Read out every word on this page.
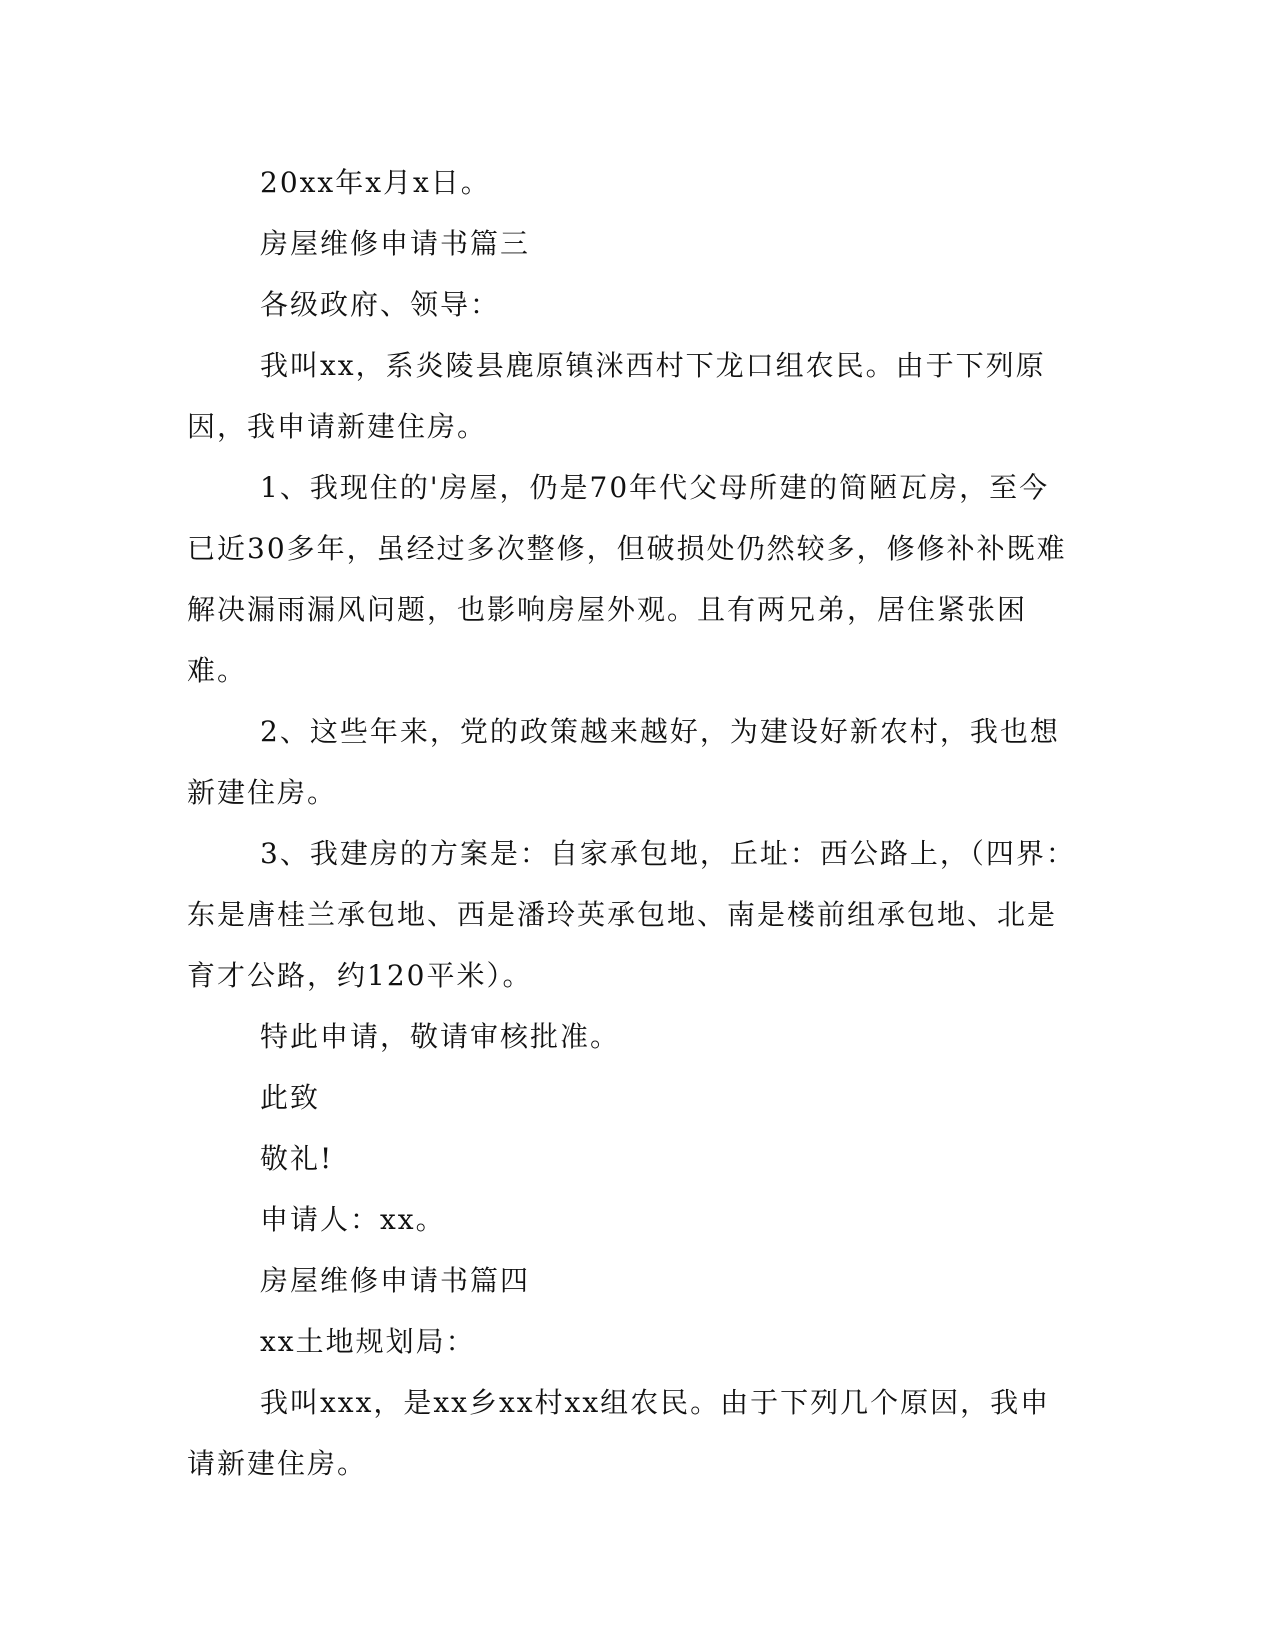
20xx年x月x日。

房屋维修申请书篇三

各级政府、领导：

我叫xx，系炎陵县鹿原镇洣西村下龙口组农民。由于下列原因，我申请新建住房。

1、我现住的'房屋，仍是70年代父母所建的简陋瓦房，至今已近30多年，虽经过多次整修，但破损处仍然较多，修修补补既难解决漏雨漏风问题，也影响房屋外观。且有两兄弟，居住紧张困难。

2、这些年来，党的政策越来越好，为建设好新农村，我也想新建住房。

3、我建房的方案是：自家承包地，丘址：西公路上，（四界：东是唐桂兰承包地、西是潘玲英承包地、南是楼前组承包地、北是育才公路，约120平米）。

特此申请，敬请审核批准。

此致

敬礼!

申请人：xx。

房屋维修申请书篇四

xx土地规划局：

我叫xxx，是xx乡xx村xx组农民。由于下列几个原因，我申请新建住房。
